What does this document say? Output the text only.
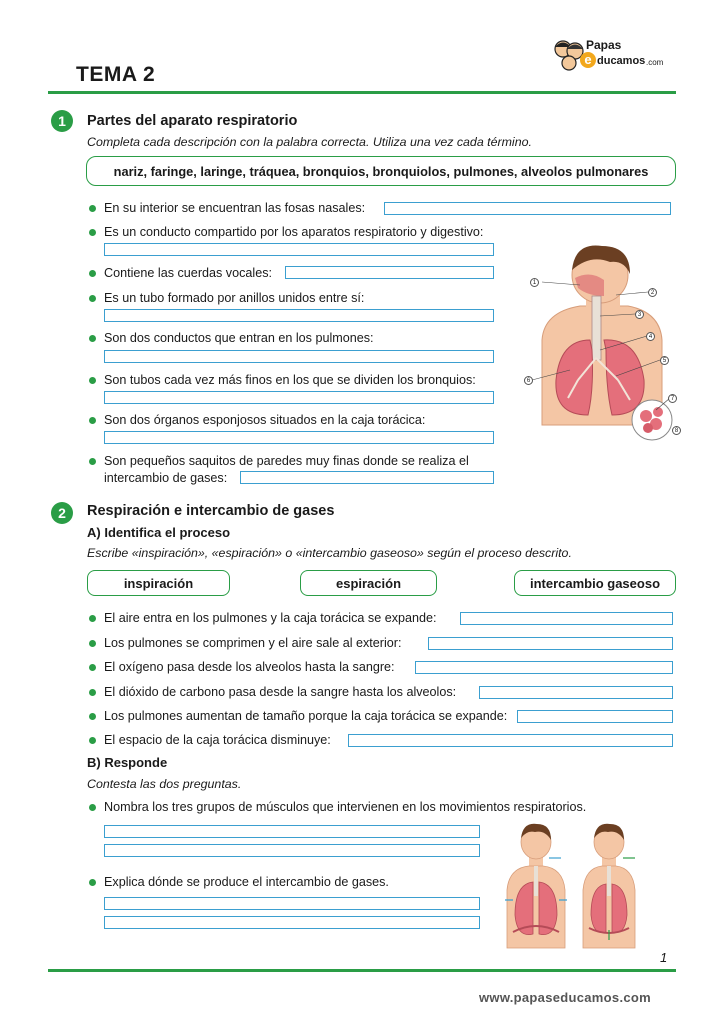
TEMA 2
Papas
e ducamos .com
1	Partes del aparato respiratorio
Completa cada descripción con la palabra correcta. Utiliza una vez cada término.
nariz, faringe, laringe, tráquea, bronquios, bronquiolos, pulmones, alveolos pulmonares
En su interior se encuentran las fosas nasales:
Es un conducto compartido por los aparatos respiratorio y digestivo:
Contiene las cuerdas vocales:
Es un tubo formado por anillos unidos entre sí:
Son dos conductos que entran en los pulmones:
Son tubos cada vez más finos en los que se dividen los bronquios:
Son dos órganos esponjosos situados en la caja torácica:
Son pequeños saquitos de paredes muy finas donde se realiza el
intercambio de gases:
1
2
3
4
5
6
7
8
2	Respiración e intercambio de gases
A) Identifica el proceso
Escribe «inspiración», «espiración» o «intercambio gaseoso» según el proceso descrito.
inspiración	espiración	intercambio gaseoso
El aire entra en los pulmones y la caja torácica se expande:
Los pulmones se comprimen y el aire sale al exterior:
El oxígeno pasa desde los alveolos hasta la sangre:
El dióxido de carbono pasa desde la sangre hasta los alveolos:
Los pulmones aumentan de tamaño porque la caja torácica se expande:
El espacio de la caja torácica disminuye:
B) Responde
Contesta las dos preguntas.
Nombra los tres grupos de músculos que intervienen en los movimientos respiratorios.
Explica dónde se produce el intercambio de gases.
1
www.papaseducamos.com
